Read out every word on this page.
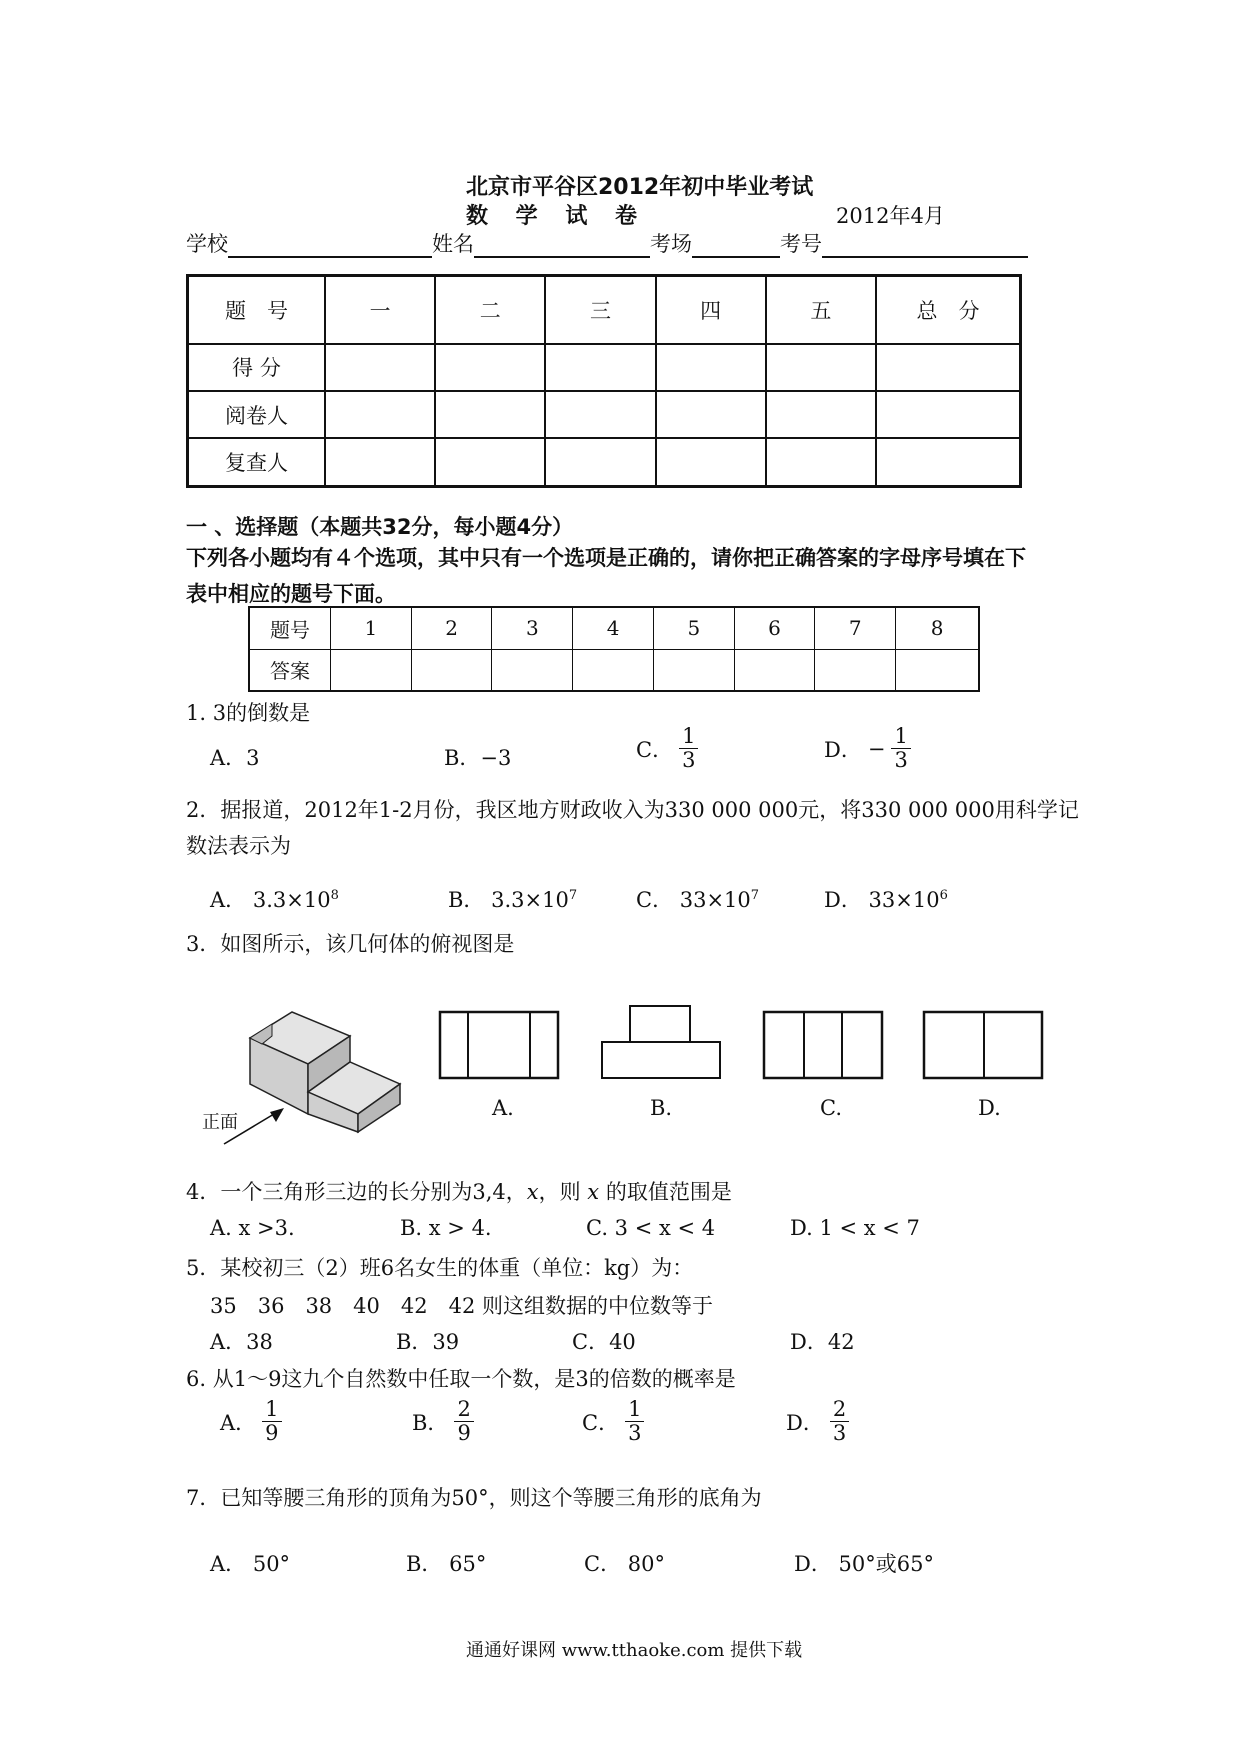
北京市平谷区2012年初中毕业考试
数 学 试 卷	2012年4月
学校	姓名	考场	考号
题　号	一	二	三	四	五	总　分
得 分						
阅卷人						
复查人						
一 、选择题（本题共32分，每小题4分）
下列各小题均有４个选项，其中只有一个选项是正确的，请你把正确答案的字母序号填在下
表中相应的题号下面。
题号	1	2	3	4	5	6	7	8
答案								
1. 3的倒数是
A．3	B．−3	C． $\frac{1}{3}$	D． − $\frac{1}{3}$
2．据报道，2012年1-2月份，我区地方财政收入为330 000 000元，将330 000 000用科学记
数法表示为
A． $3.3\times 10^8$	B． $3.3\times 10^7$	C． $33\times 10^7$	D． $33\times 10^6$
3．如图所示，该几何体的俯视图是
正面
A.	B.	C.	D.
4．一个三角形三边的长分别为3,4，x，则 x 的取值范围是
A. x >3.	B. x > 4.	C. 3 < x < 4	D. 1 < x < 7
5．某校初三（2）班6名女生的体重（单位：kg）为：
35　36　38　40　42　42 则这组数据的中位数等于
A．38	B．39	C．40	D．42
6. 从1～9这九个自然数中任取一个数，是3的倍数的概率是
A． $\frac{1}{9}$	B． $\frac{2}{9}$	C． $\frac{1}{3}$	D． $\frac{2}{3}$
7．已知等腰三角形的顶角为50°，则这个等腰三角形的底角为
A． 50°	B． 65°	C． 80°	D． 50°或65°
通通好课网 www.tthaoke.com 提供下载
